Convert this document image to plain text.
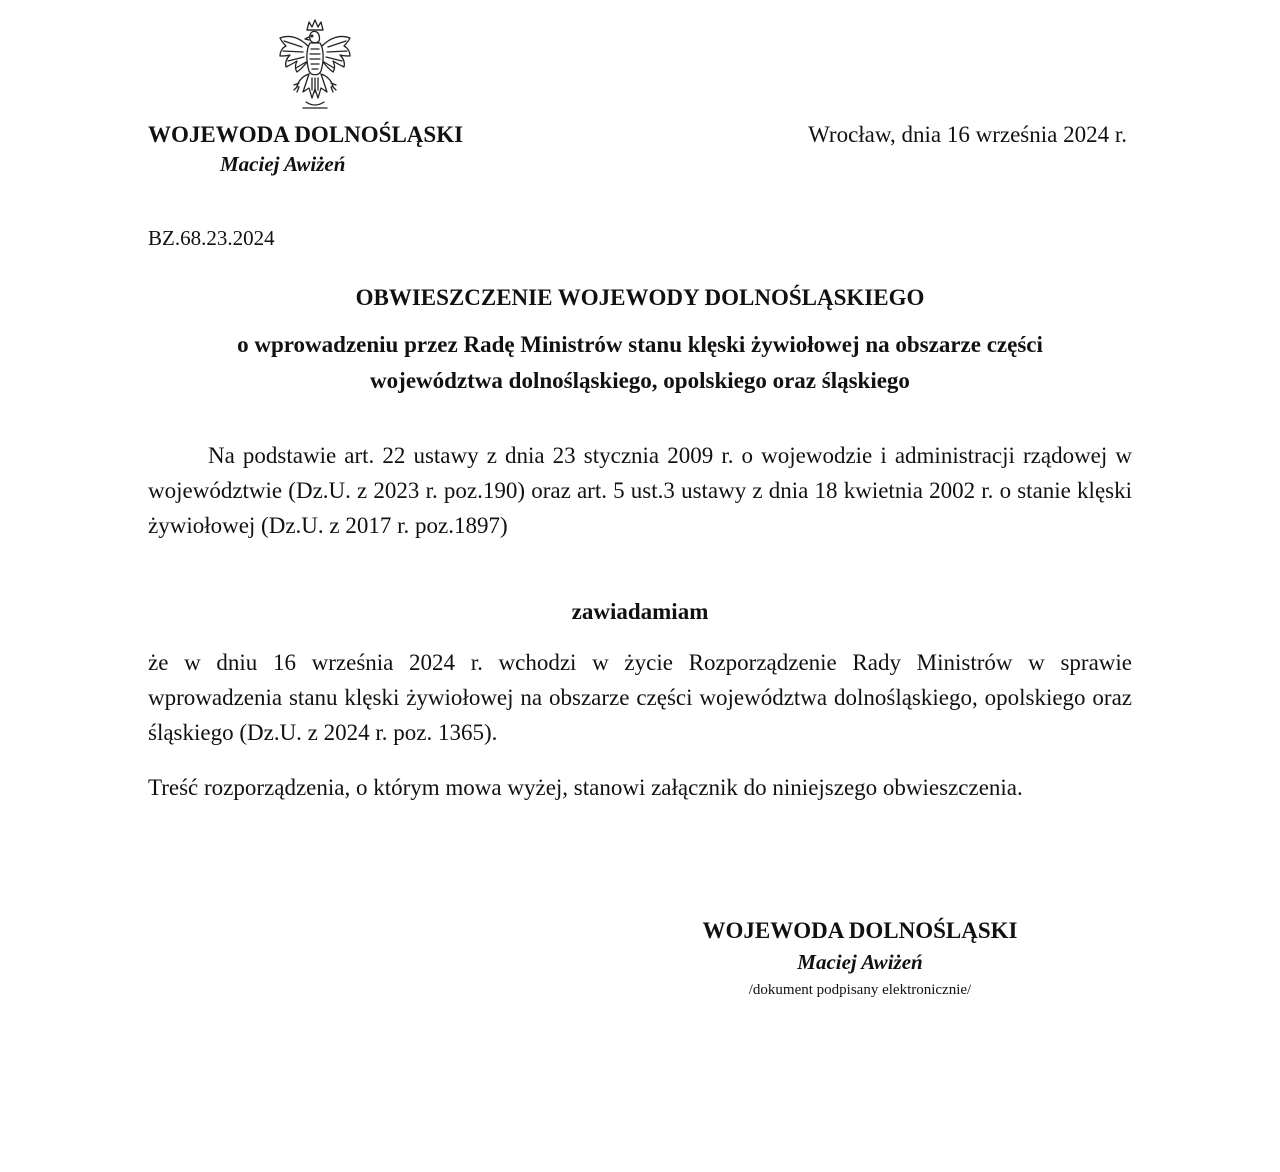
WOJEWODA DOLNOŚLĄSKI
Maciej Awiżeń
Wrocław, dnia 16 września 2024 r.
BZ.68.23.2024
OBWIESZCZENIE WOJEWODY DOLNOŚLĄSKIEGO
o wprowadzeniu przez Radę Ministrów stanu klęski żywiołowej na obszarze części
województwa dolnośląskiego, opolskiego oraz śląskiego
Na podstawie art. 22 ustawy z dnia 23 stycznia 2009 r. o wojewodzie i administracji rządowej w województwie (Dz.U. z 2023 r. poz.190) oraz art. 5 ust.3 ustawy z dnia 18 kwietnia 2002 r. o stanie klęski żywiołowej (Dz.U. z 2017 r. poz.1897)
zawiadamiam
że w dniu 16 września 2024 r. wchodzi w życie Rozporządzenie Rady Ministrów w sprawie wprowadzenia stanu klęski żywiołowej na obszarze części województwa dolnośląskiego, opolskiego oraz śląskiego (Dz.U. z 2024 r. poz. 1365).
Treść rozporządzenia, o którym mowa wyżej, stanowi załącznik do niniejszego obwieszczenia.
WOJEWODA DOLNOŚLĄSKI
Maciej Awiżeń
/dokument podpisany elektronicznie/
